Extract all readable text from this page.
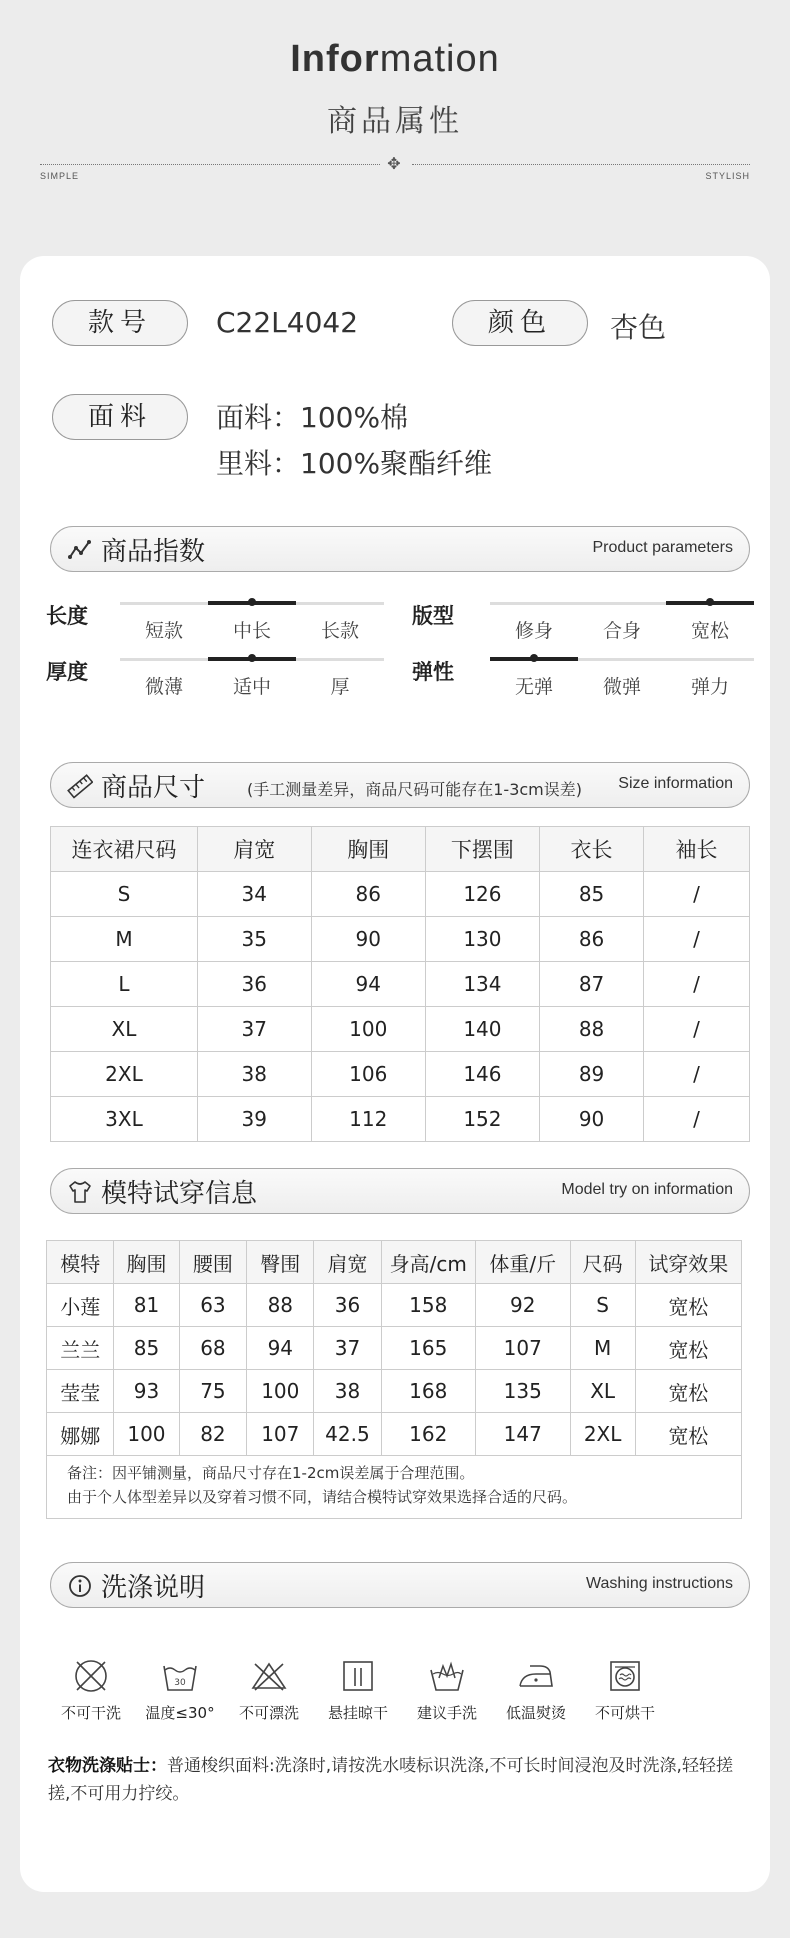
Information
商品属性
✥
SIMPLE	STYLISH
款号	C22L4042	颜色	杏色
面料	面料：100%棉
里料：100%聚酯纤维
商品指数	Product parameters
长度
短款	中长	长款
版型
修身	合身	宽松
厚度
微薄	适中	厚
弹性
无弹	微弹	弹力
商品尺寸	(手工测量差异，商品尺码可能存在1-3cm误差) Size information
连衣裙尺码	肩宽	胸围	下摆围	衣长	袖长
S	34	86	126	85	/
M	35	90	130	86	/
L	36	94	134	87	/
XL	37	100	140	88	/
2XL	38	106	146	89	/
3XL	39	112	152	90	/
模特试穿信息	Model try on information
模特	胸围	腰围	臀围	肩宽	身高/cm	体重/斤	尺码	试穿效果
小莲	81	63	88	36	158	92	S	宽松
兰兰	85	68	94	37	165	107	M	宽松
莹莹	93	75	100	38	168	135	XL	宽松
娜娜	100	82	107	42.5	162	147	2XL	宽松
备注：因平铺测量，商品尺寸存在1-2cm误差属于合理范围。
由于个人体型差异以及穿着习惯不同，请结合模特试穿效果选择合适的尺码。
洗涤说明	Washing instructions
不可干洗
30
温度≤30°	不可漂洗	悬挂晾干	建议手洗	低温熨烫	不可烘干
衣物洗涤贴士：普通梭织面料:洗涤时,请按洗水唛标识洗涤,不可长时间浸泡及时洗涤,轻轻搓搓,不可用力拧绞。
